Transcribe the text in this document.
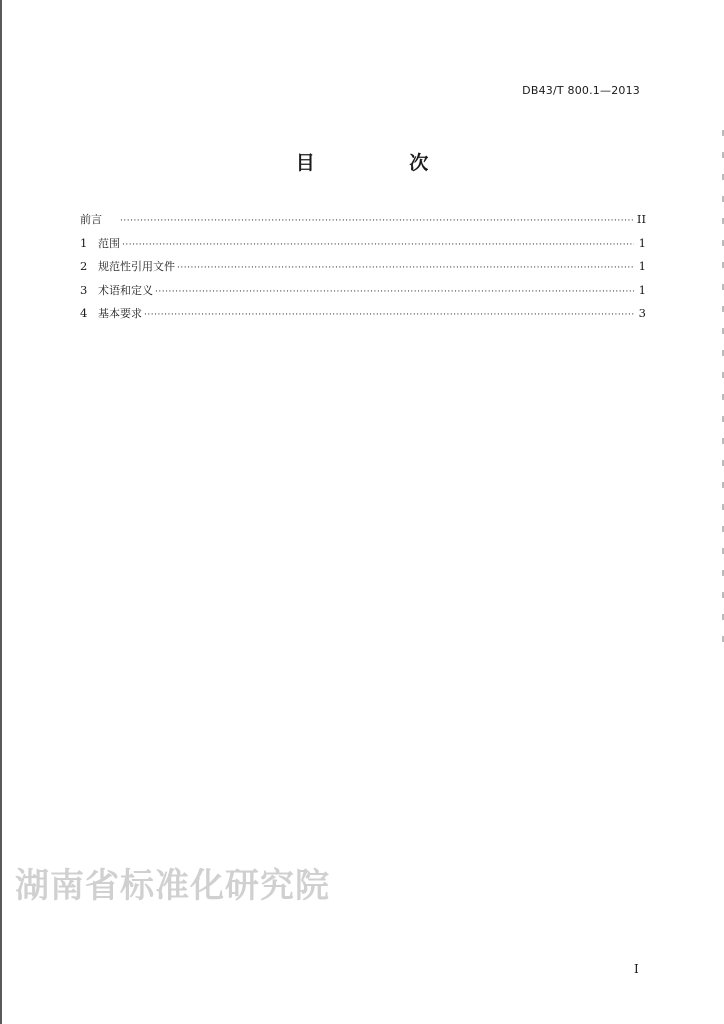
DB43/T 800.1—2013
目 次
前言 ·····	II
1 范围 ·····	1
2 规范性引用文件 ·····	1
3 术语和定义 ·····	1
4 基本要求 ·····	3
湖南省标准化研究院
I
